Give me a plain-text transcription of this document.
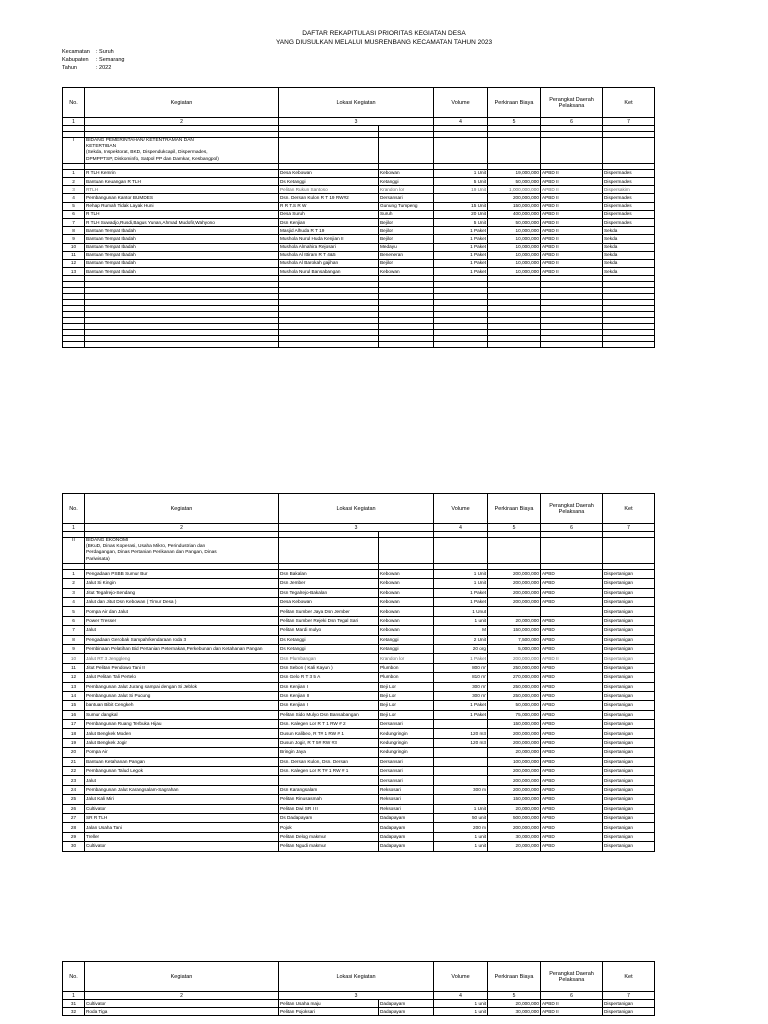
DAFTAR REKAPITULASI PRIORITAS KEGIATAN DESA
YANG DIUSULKAN MELALUI MUSRENBANG KECAMATAN TAHUN 2023
Kecamatan : Suruh
Kabupaten : Semarang
Tahun	: 2022
No.	Kegiatan	Lokasi Kegiatan		Volume	Perkiraan Biaya	Perangkat Daerah Pelaksana	Ket
1	2	3		4	5	6	7

I	BIDANG PEMERINTAHAN/ KETENTRAMAN DAN
KETERTIBAN
(Sekda, Inspektorat, BKD, Dispendukcapil, Dispermades,
DPMPPTSP, Diskominfo, Satpol PP dan Damkar, Kesbangpol)						

1	R TLH Kemrin	Desa Kebowan	Kebowan	1 Unit	19,000,000	APBD II	Dispermades
2	Bantuan Keuangan R TLH	Ds Ketanggi	Ketanggi	5 Unit	50,000,000	APBD II	Dispermades
3	RTLH	Pelitan Rukun Santoso	Krandon lor	19 Unit	1,000,000,000	APBD II	Dispersakim
4	Pembangunan Kantor BUMDES	Dsn. Dersan Kulon R T 19 RW#2	Dersansari		200,000,000	APBD II	Dispermades
5	Rehap Rumah Tidak Layak Huni	R R T.S R W	Gunung Tumpeng	15 Unit	150,000,000	APBD II	Dispermades
6	R TLH	Desa Suruh	Suruh	20 Unit	400,000,000	APBD II	Dispermades
7	R TLH Suwadjo,Rusdi,Bagus Yunan,Ahmad Mudofir,Wahyono	Dsn Kenjian	Bejilor	5 Unit	50,000,000	APBD II	Dispermades
8	Bantuan Tempat Ibadah	Masjid Alhuda R T 19	Bejilor	1 Paket	10,000,000	APBD II	Sekda
9	Bantuan Tempat Ibadah	Mushola Nurul Huda Kenjian II	Bejilor	1 Paket	10,000,000	APBD II	Sekda
10	Bantuan Tempat Ibadah	Mushola Almahira Rejosari	Medayu	1 Paket	10,000,000	APBD II	Sekda
11	Bantuan Tempat Ibadah	Mushola Al Ittiram R T 4&5	Beneneran	1 Paket	10,000,000	APBD II	Sekda
12	Bantuan Tempat Ibadah	Mushola Al Barokah gajihan	Bejilor	1 Paket	10,000,000	APBD II	Sekda
13	Bantuan Tempat Ibadah	Mushola Nurul Bansabangan	Kebowan	1 Paket	10,000,000	APBD II	Sekda

No.	Kegiatan	Lokasi Kegiatan		Volume	Perkiraan Biaya	Perangkat Daerah Pelaksana	Ket
1	2	3		4	5	6	7

II	BIDANG EKONOMI
(BKuD, Dinas Koperasi, Usaha Mikro, Perindustrian dan
Perdagangan, Dinas Pertanian Perikanan dan Pangan, Dinas
Pariwisata)						

1	Pengadaan PSBB Sumur Bur	Dsn Bakalan	Kebowan	1 Unit	200,000,000	APBD	Dispertanigan
2	Jalut Si Kingin	Dsn Jember	Kebowan	1 Unit	200,000,000	APBD	Dispertanigan
3	Jitut Tegalrejo-Sendang	Dsn Tegalrejo-Bakalan	Kebowan	1 Paket	200,000,000	APBD	Dispertanigan
4	Jalut dan Jitut Dsn Kebowan ( Timur Desa )	Desa Kebowan	Kebowan	1 Paket	200,000,000	APBD	Dispertanigan
5	Pompa Air dan Jalut	Pelitan Sumber Jaya Dsn Jember	Kebowan	1 Unut			Dispertanigan
6	Power Tresser	Pelitan Sumber Rejeki Dsn Tegal Sari	Kebowan	1 unit	20,000,000	APBD	Dispertanigan
7	Jalut	Pelitan Mardi mulyo	Kebowan	M	150,000,000	APBD	Dispertanigan
8	Pengadaan Gerobak Sampah/kendaraan roda 3	Ds Ketanggi	Ketanggi	2 Unit	7,500,000	APBD	Dispertanigan
9	Pembinaan Pelatihan Bid Pertanian Peternakan,Perkebunan dan Ketahanan Pangan	Ds Ketanggi	Ketanggi	20 org	5,000,000	APBD	Dispertanigan
10	Jalut RT 3 Jenggleng	Dsn Plumbangan	Krandon lor	1 Paket	200,000,000	APBD II	Dispertanigan
11	Jitut Pelitan Pendowo Tani II	Dsn Sebon ( Kali Kayun )	Plumbon	800 m'	250,000,000	APBD	Dispertanigan
12	Jalut Pelitan Tali Pertelo	Dsn Gelo R T 3 5 A	Plumbon	810 m'	270,000,000	APBD	Dispertanigan
13	Pembangunan Jalut Jurang sampai dengan Si Jeblok	Dsn Kenjian I	Beji Lor	300 m'	250,000,000	APBD	Dispertanigan
14	Pembangunan Jalut Si Pucung	Dsn Kenjian II	Beji Lor	300 m'	250,000,000	APBD	Dispertanigan
15	bantuan Bibit Cengkeh	Dsn Kenjian I	Beji Lor	1 Paket	50,000,000	APBD	Dispertanigan
16	Sumur dangkal	Pelitan Sido Mulyo Dsn Bansabangan	Beji Lor	1 Paket	75,000,000	APBD	Dispertanigan
17	Pembangunan Ruang Terbuka Hijau	Dsn. Kalegen Lor R T 1 RW # 2	Dersansari		150,000,000	APBD	Dispertanigan
18	Jalut Bengkek Moden	Dusun Kalibeo, R T# 1 RW # 1	Kedungringin	120 m3	200,000,000	APBD	Dispertanigan
19	Jalut Bengkek Jogir	Dusun Jogir, R T 5# RW #3	Kedungringin	120 m3	200,000,000	APBD	Dispertanigan
20	Pompa Air	Bringin Jaya	Kedungringin		20,000,000	APBD	Dispertanigan
21	Bantuan Ketahanan Pangan	Dsn. Dersan Kulon, Dsn. Dersan	Dersansari		100,000,000	APBD	Dispertanigan
22	Pembangunan Talud Legok	Dsn. Kalegen Lor R T# 1 RW # 1	Dersansari		200,000,000	APBD	Dispertanigan
23	Jalut		Dersansari		200,000,000	APBD	Dispertanigan
24	Pembangunan Jalut Karangsalam-Sagrahan	Dsn Karangsalam	Reksosari	300 m	200,000,000	APBD	Dispertanigan
25	Jalut Kali Miri	Pelitan Rinusasmah	Reksosari		150,000,000	APBD	Dispertanigan
26	Cultivator	Pelitan Dwi SR I II	Reksosari	1 Unit	20,000,000	APBD	Dispertanigan
27	SR R TLH	Ds Dadapayam	Dadapayam	50 unit	500,000,000	APBD	Dispertanigan
28	Jalan Usaha Tani	Pojok	Dadapayam	200 m	200,000,000	APBD	Dispertanigan
29	Treller	Pelitan Delog makmur	Dadapayam	1 unit	30,000,000	APBD	Dispertanigan
30	Cultivator	Pelitan Ngudi makmur	Dadapayam	1 unit	20,000,000	APBD	Dispertanigan
No.	Kegiatan	Lokasi Kegiatan		Volume	Perkiraan Biaya	Perangkat Daerah Pelaksana	Ket
1	2	3		4	5	6	7
31	Cultivator	Pelitan Usaha maju	Dadapayam	1 unit	20,000,000	APBD II	Dispertanigan
32	Roda Tiga	Pelitan Pojoksari	Dadapayam	1 unit	30,000,000	APBD II	Dispertanigan
